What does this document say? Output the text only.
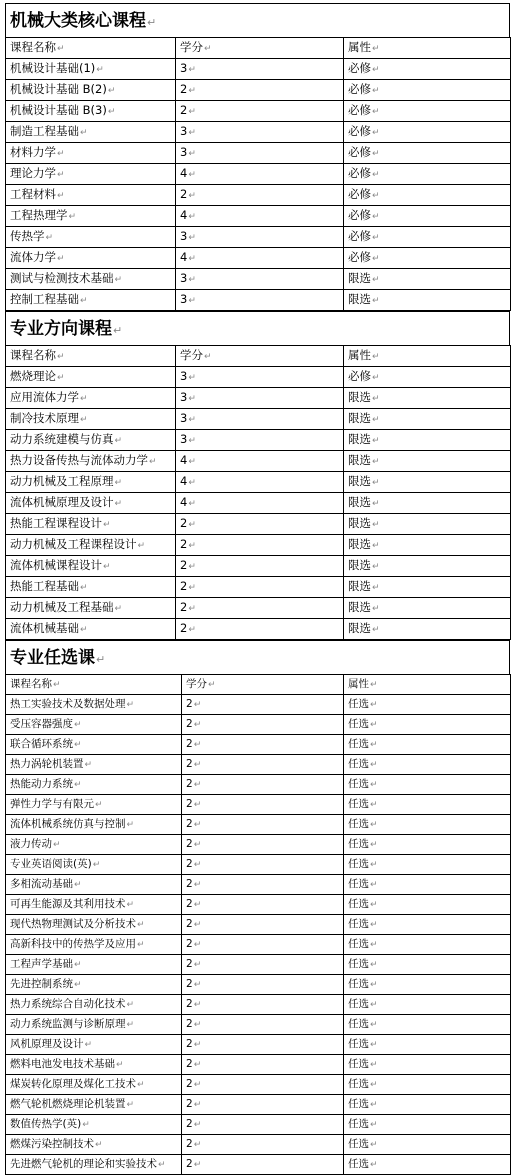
机械大类核心课程↵
课程名称↵	学分↵	属性↵
机械设计基础(1)↵	3↵	必修↵
机械设计基础 B(2)↵	2↵	必修↵
机械设计基础 B(3)↵	2↵	必修↵
制造工程基础↵	3↵	必修↵
材料力学↵	3↵	必修↵
理论力学↵	4↵	必修↵
工程材料↵	2↵	必修↵
工程热理学↵	4↵	必修↵
传热学↵	3↵	必修↵
流体力学↵	4↵	必修↵
测试与检测技术基础↵	3↵	限选↵
控制工程基础↵	3↵	限选↵
专业方向课程↵
课程名称↵	学分↵	属性↵
燃烧理论↵	3↵	必修↵
应用流体力学↵	3↵	限选↵
制冷技术原理↵	3↵	限选↵
动力系统建模与仿真↵	3↵	限选↵
热力设备传热与流体动力学↵	4↵	限选↵
动力机械及工程原理↵	4↵	限选↵
流体机械原理及设计↵	4↵	限选↵
热能工程课程设计↵	2↵	限选↵
动力机械及工程课程设计↵	2↵	限选↵
流体机械课程设计↵	2↵	限选↵
热能工程基础↵	2↵	限选↵
动力机械及工程基础↵	2↵	限选↵
流体机械基础↵	2↵	限选↵
专业任选课↵
课程名称↵	学分↵	属性↵
热工实验技术及数据处理↵	2↵	任选↵
受压容器强度↵	2↵	任选↵
联合循环系统↵	2↵	任选↵
热力涡轮机装置↵	2↵	任选↵
热能动力系统↵	2↵	任选↵
弹性力学与有限元↵	2↵	任选↵
流体机械系统仿真与控制↵	2↵	任选↵
液力传动↵	2↵	任选↵
专业英语阅读(英)↵	2↵	任选↵
多相流动基础↵	2↵	任选↵
可再生能源及其利用技术↵	2↵	任选↵
现代热物理测试及分析技术↵	2↵	任选↵
高新科技中的传热学及应用↵	2↵	任选↵
工程声学基础↵	2↵	任选↵
先进控制系统↵	2↵	任选↵
热力系统综合自动化技术↵	2↵	任选↵
动力系统监测与诊断原理↵	2↵	任选↵
风机原理及设计↵	2↵	任选↵
燃料电池发电技术基础↵	2↵	任选↵
煤炭转化原理及煤化工技术↵	2↵	任选↵
燃气轮机燃烧理论机装置↵	2↵	任选↵
数值传热学(英)↵	2↵	任选↵
燃煤污染控制技术↵	2↵	任选↵
先进燃气轮机的理论和实验技术↵	2↵	任选↵
